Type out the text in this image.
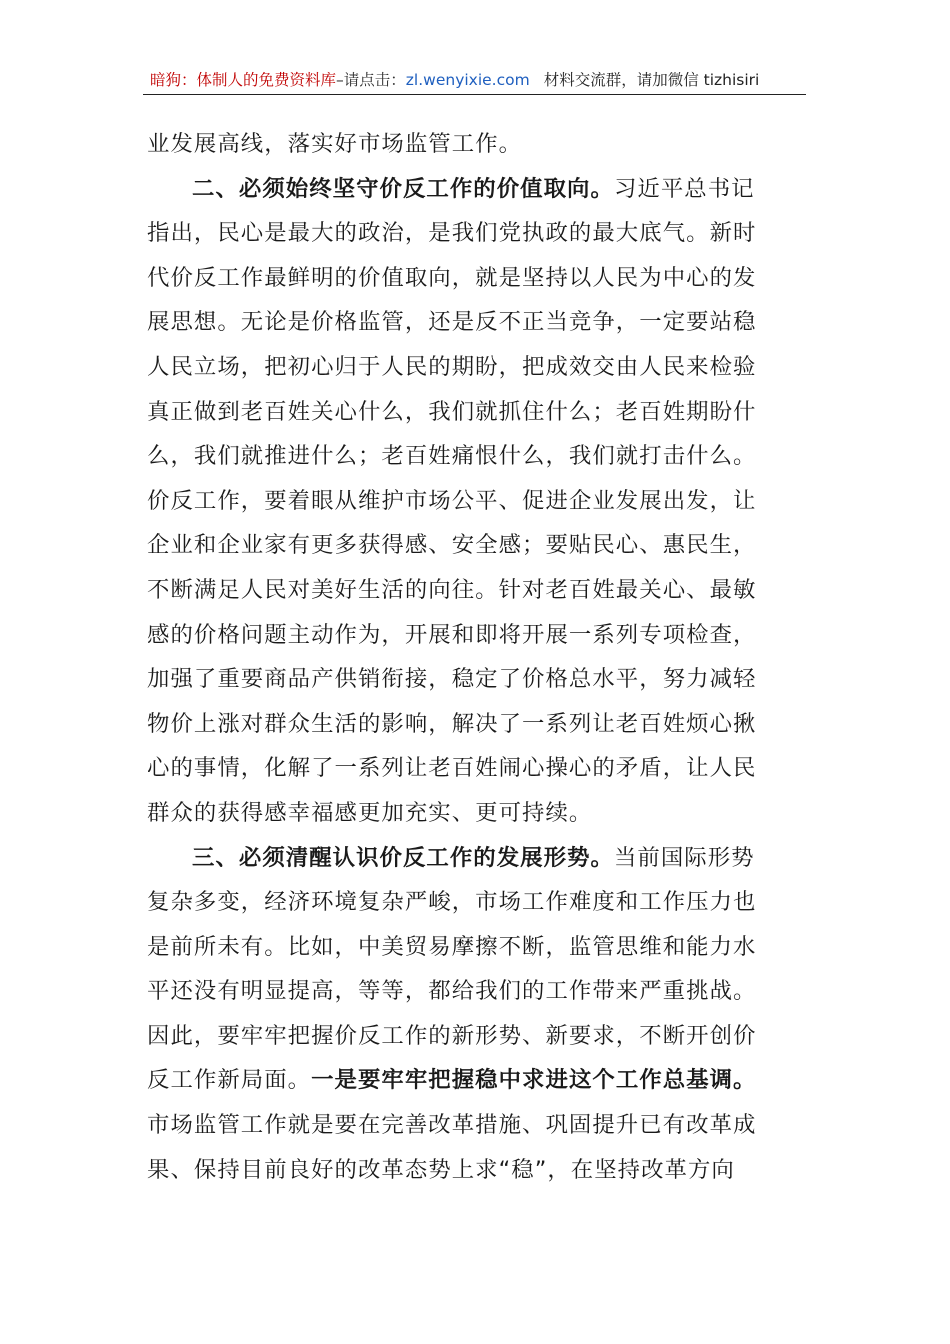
暗狗：体制人的免费资料库–请点击：zl.wenyixie.com 材料交流群，请加微信 tizhisiri

业发展高线，落实好市场监管工作。

二、必须始终坚守价反工作的价值取向。习近平总书记

指出，民心是最大的政治，是我们党执政的最大底气。新时

代价反工作最鲜明的价值取向，就是坚持以人民为中心的发

展思想。无论是价格监管，还是反不正当竞争，一定要站稳

人民立场，把初心归于人民的期盼，把成效交由人民来检验

真正做到老百姓关心什么，我们就抓住什么；老百姓期盼什

么，我们就推进什么；老百姓痛恨什么，我们就打击什么。

价反工作，要着眼从维护市场公平、促进企业发展出发，让

企业和企业家有更多获得感、安全感；要贴民心、惠民生，

不断满足人民对美好生活的向往。针对老百姓最关心、最敏

感的价格问题主动作为，开展和即将开展一系列专项检查，

加强了重要商品产供销衔接，稳定了价格总水平，努力减轻

物价上涨对群众生活的影响，解决了一系列让老百姓烦心揪

心的事情，化解了一系列让老百姓闹心操心的矛盾，让人民

群众的获得感幸福感更加充实、更可持续。

三、必须清醒认识价反工作的发展形势。当前国际形势

复杂多变，经济环境复杂严峻，市场工作难度和工作压力也

是前所未有。比如，中美贸易摩擦不断，监管思维和能力水

平还没有明显提高，等等，都给我们的工作带来严重挑战。

因此，要牢牢把握价反工作的新形势、新要求，不断开创价

反工作新局面。一是要牢牢把握稳中求进这个工作总基调。

市场监管工作就是要在完善改革措施、巩固提升已有改革成

果、保持目前良好的改革态势上求“稳”，在坚持改革方向
